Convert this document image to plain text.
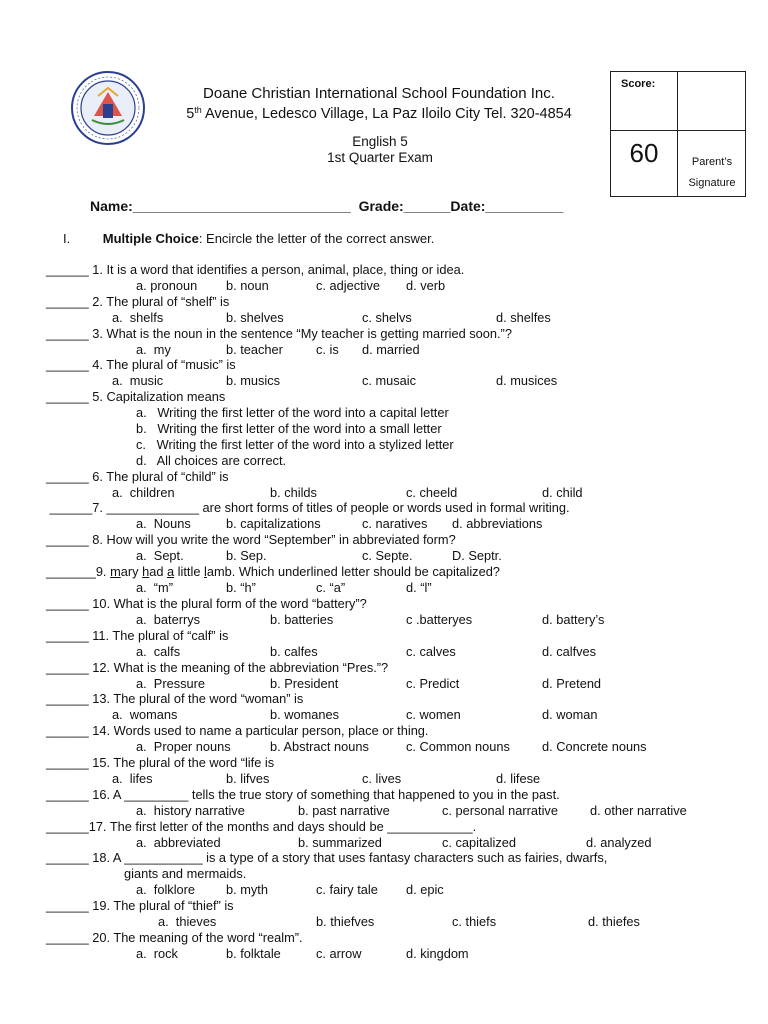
Doane Christian International School Foundation Inc.
5th Avenue, Ledesco Village, La Paz Iloilo City Tel. 320-4854
English 5
1st Quarter Exam
Score:
60	Parent’s
Signature
Name:____________________________  Grade:______Date:__________
I.	Multiple Choice: Encircle the letter of the correct answer.
______ 1. It is a word that identifies a person, animal, place, thing or idea.
a. pronoun b. noun	c. adjective d. verb
______ 2. The plural of “shelf” is
a.  shelfs	b. shelves	c. shelvs	d. shelfes
______ 3. What is the noun in the sentence “My teacher is getting married soon.”?
a.  my	b. teacher	c. is d. married
______ 4. The plural of “music” is
a.  music	b. musics	c. musaic	d. musices
______ 5. Capitalization means
a.   Writing the first letter of the word into a capital letter
b.   Writing the first letter of the word into a small letter
c.   Writing the first letter of the word into a stylized letter
d.   All choices are correct.
______ 6. The plural of “child” is
a.  children	b. childs	c. cheeld	d. child
______7. _____________ are short forms of titles of people or words used in formal writing.
a.  Nouns	b. capitalizations	c. naratives d. abbreviations
______ 8. How will you write the word “September” in abbreviated form?
a.  Sept.	b. Sep.	c. Septe.	D. Septr.
_______9. mary had a little lamb. Which underlined letter should be capitalized?
a.  “m”	b. “h”	c. “a”	d. “l”
______ 10. What is the plural form of the word “battery”?
a.  baterrys	b. batteries	c .batteryes	d. battery’s
______ 11. The plural of “calf” is
a.  calfs	b. calfes	c. calves	d. calfves
______ 12. What is the meaning of the abbreviation “Pres.”?
a.  Pressure	b. President	c. Predict	d. Pretend
______ 13. The plural of the word “woman” is
a.  womans	b. womanes	c. women	d. woman
______ 14. Words used to name a particular person, place or thing.
a.  Proper nouns	b. Abstract nouns	c. Common nouns	d. Concrete nouns
______ 15. The plural of the word “life is
a.  lifes	b. lifves	c. lives	d. lifese
______ 16. A _________ tells the true story of something that happened to you in the past.
a.  history narrative	b. past narrative	c. personal narrative	d. other narrative
______17. The first letter of the months and days should be ____________.
a.  abbreviated	b. summarized	c. capitalized	d. analyzed
______ 18. A ___________ is a type of a story that uses fantasy characters such as fairies, dwarfs,
giants and mermaids.
a.  folklore b. myth	c. fairy tale d. epic
______ 19. The plural of “thief” is
a.  thieves	b. thiefves	c. thiefs	d. thiefes
______ 20. The meaning of the word “realm”.
a.  rock	b. folktale	c. arrow	d. kingdom
